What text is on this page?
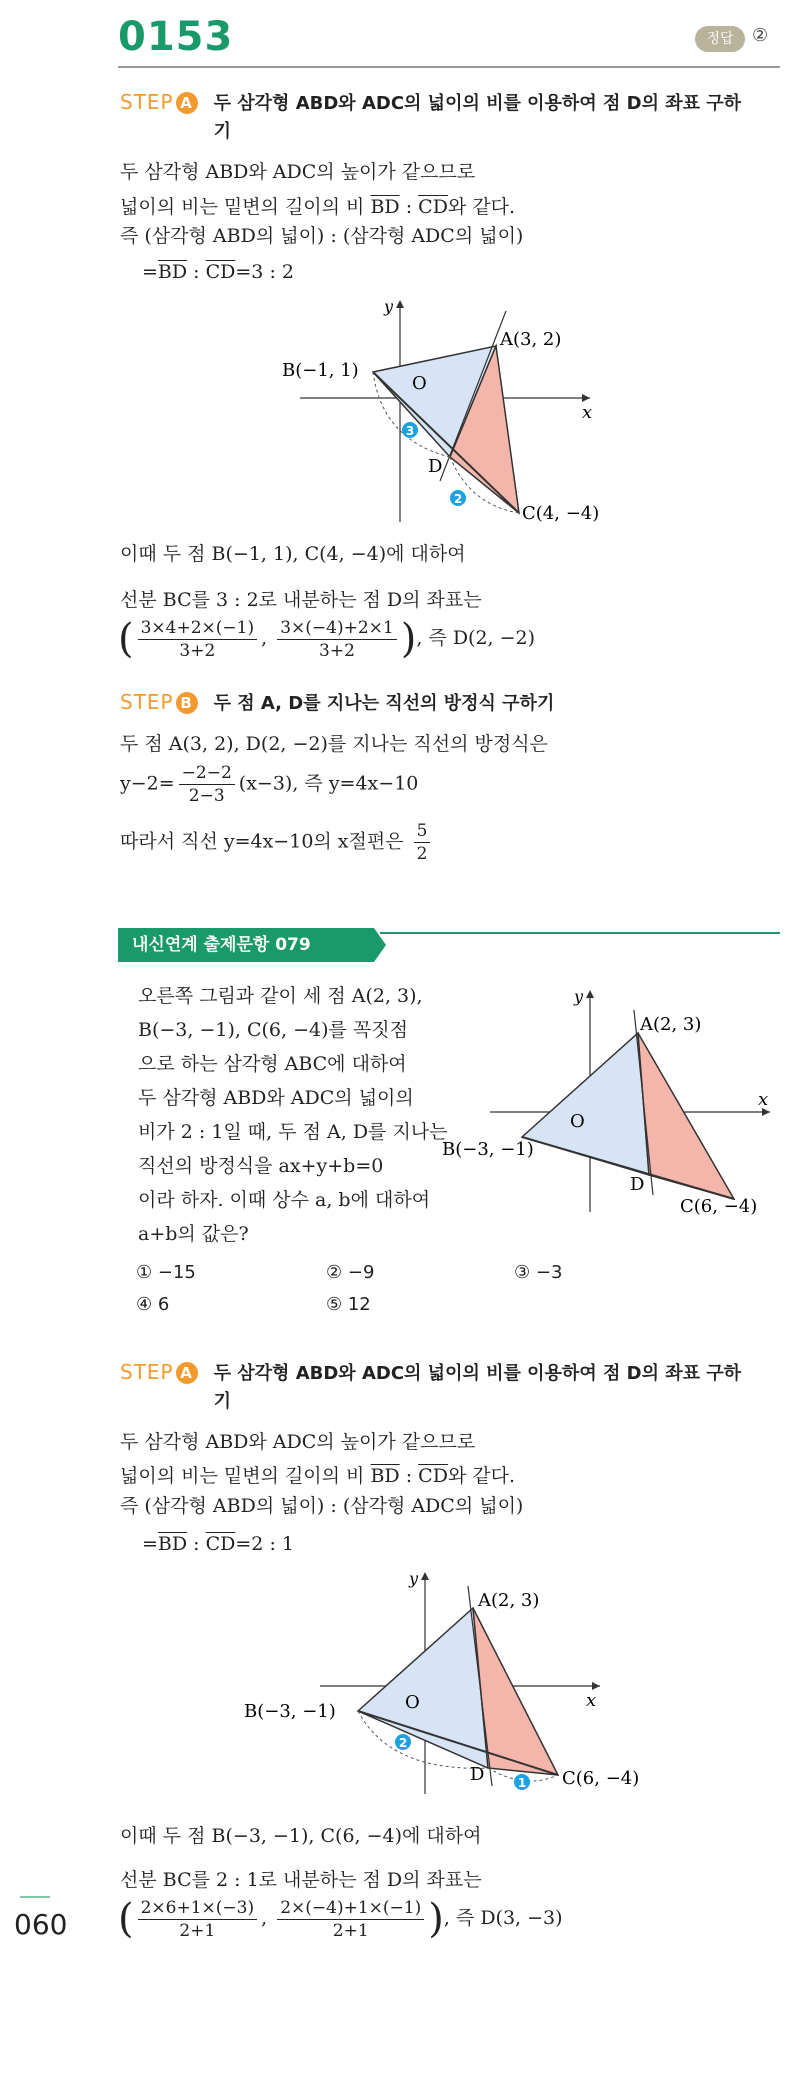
0153	정답	②
STEP A 두 삼각형 ABD와 ADC의 넓이의 비를 이용하여 점 D의 좌표 구하기
두 삼각형 ABD와 ADC의 높이가 같으므로
넓이의 비는 밑변의 길이의 비 $\overline{BD}$ : $\overline{CD}$와 같다.
즉 (삼각형 ABD의 넓이) : (삼각형 ADC의 넓이)
$=\overline{BD}$ : $\overline{CD}=3$ : 2
3
2
O
x
y
A(3, 2)
B(−1, 1)
C(4, −4)
D
이때 두 점 B(−1, 1), C(4, −4)에 대하여
선분 BC를 3 : 2로 내분하는 점 D의 좌표는
( $\frac{3\times 4+2\times(-1)}{3+2}$ , $\frac{3\times(-4)+2\times 1}{3+2}$ ), 즉 D(2, −2)
STEP B 두 점 A, D를 지나는 직선의 방정식 구하기
두 점 A(3, 2), D(2, −2)를 지나는 직선의 방정식은
$y-2= \frac{-2-2}{2-3} (x-3)$, 즉 y=4x−10
따라서 직선 y=4x−10의 x절편은 $\frac{5}{2}$
내신연계 출제문항 079
오른쪽 그림과 같이 세 점 A(2, 3),
B(−3, −1), C(6, −4)를 꼭짓점
으로 하는 삼각형 ABC에 대하여
두 삼각형 ABD와 ADC의 넓이의
비가 2 : 1일 때, 두 점 A, D를 지나는
직선의 방정식을 ax+y+b=0
이라 하자. 이때 상수 a, b에 대하여
a+b의 값은?
O
x
y
A(2, 3)
B(−3, −1)
C(6, −4)
D
① −15	② −9	③ −3
④ 6	⑤ 12
STEP A 두 삼각형 ABD와 ADC의 넓이의 비를 이용하여 점 D의 좌표 구하기
두 삼각형 ABD와 ADC의 높이가 같으므로
넓이의 비는 밑변의 길이의 비 $\overline{BD}$ : $\overline{CD}$와 같다.
즉 (삼각형 ABD의 넓이) : (삼각형 ADC의 넓이)
$=\overline{BD}$ : $\overline{CD}=2$ : 1
2
1
O	x
y
A(2, 3)
B(−3, −1)
C(6, −4)
D
이때 두 점 B(−3, −1), C(6, −4)에 대하여
선분 BC를 2 : 1로 내분하는 점 D의 좌표는
( $\frac{2\times 6+1\times(-3)}{2+1}$ , $\frac{2\times(-4)+1\times(-1)}{2+1}$ ), 즉 D(3, −3)
060
